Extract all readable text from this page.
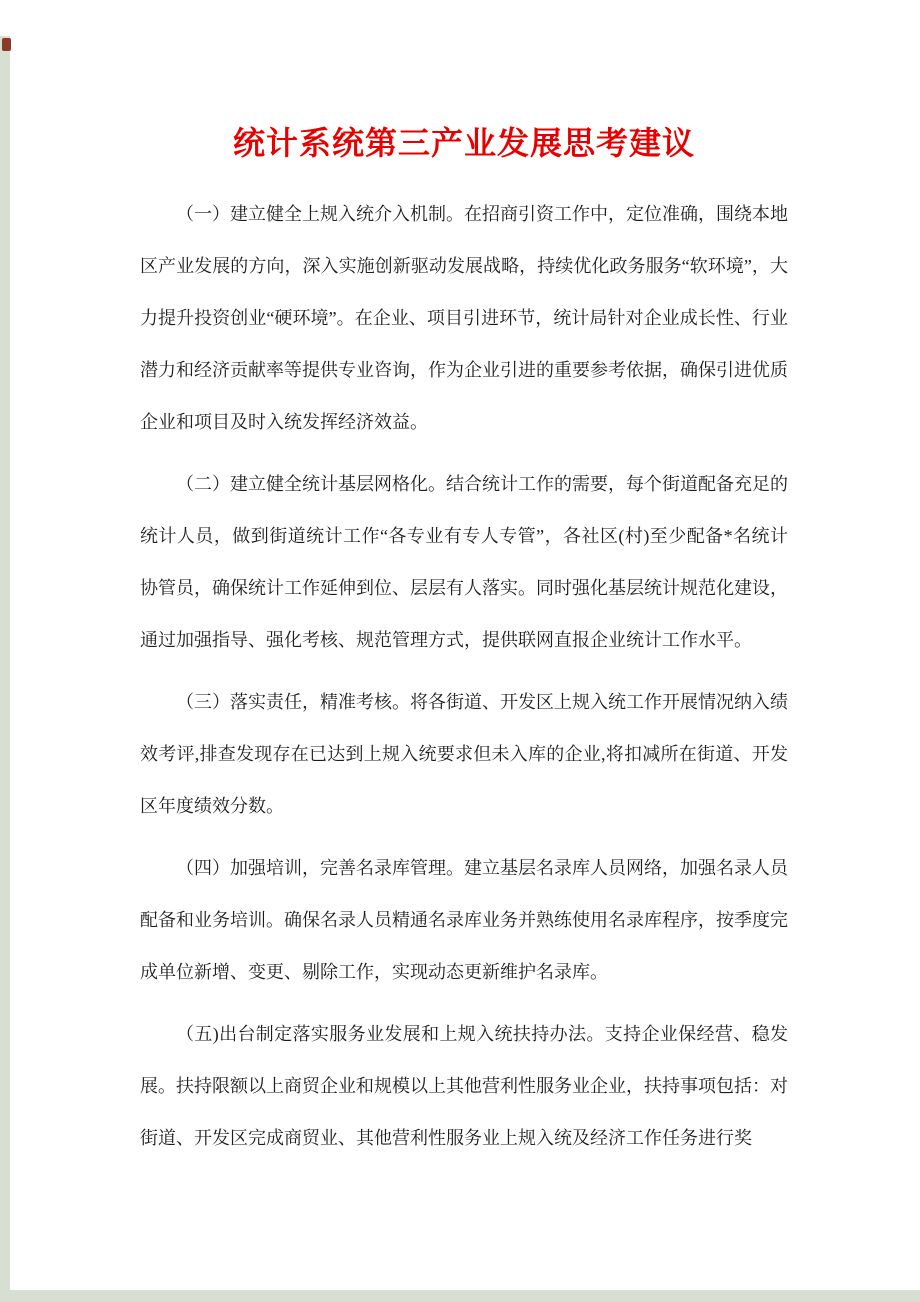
统计系统第三产业发展思考建议

（一）建立健全上规入统介入机制。在招商引资工作中，定位准确，围绕本地区产业发展的方向，深入实施创新驱动发展战略，持续优化政务服务“软环境”，大力提升投资创业“硬环境”。在企业、项目引进环节，统计局针对企业成长性、行业潜力和经济贡献率等提供专业咨询，作为企业引进的重要参考依据，确保引进优质企业和项目及时入统发挥经济效益。

（二）建立健全统计基层网格化。结合统计工作的需要，每个街道配备充足的统计人员，做到街道统计工作“各专业有专人专管”，各社区(村)至少配备*名统计协管员，确保统计工作延伸到位、层层有人落实。同时强化基层统计规范化建设，通过加强指导、强化考核、规范管理方式，提供联网直报企业统计工作水平。

（三）落实责任，精准考核。将各街道、开发区上规入统工作开展情况纳入绩效考评,排查发现存在已达到上规入统要求但未入库的企业,将扣减所在街道、开发区年度绩效分数。

（四）加强培训，完善名录库管理。建立基层名录库人员网络，加强名录人员配备和业务培训。确保名录人员精通名录库业务并熟练使用名录库程序，按季度完成单位新增、变更、剔除工作，实现动态更新维护名录库。

（五)出台制定落实服务业发展和上规入统扶持办法。支持企业保经营、稳发展。扶持限额以上商贸企业和规模以上其他营利性服务业企业，扶持事项包括：对街道、开发区完成商贸业、其他营利性服务业上规入统及经济工作任务进行奖
